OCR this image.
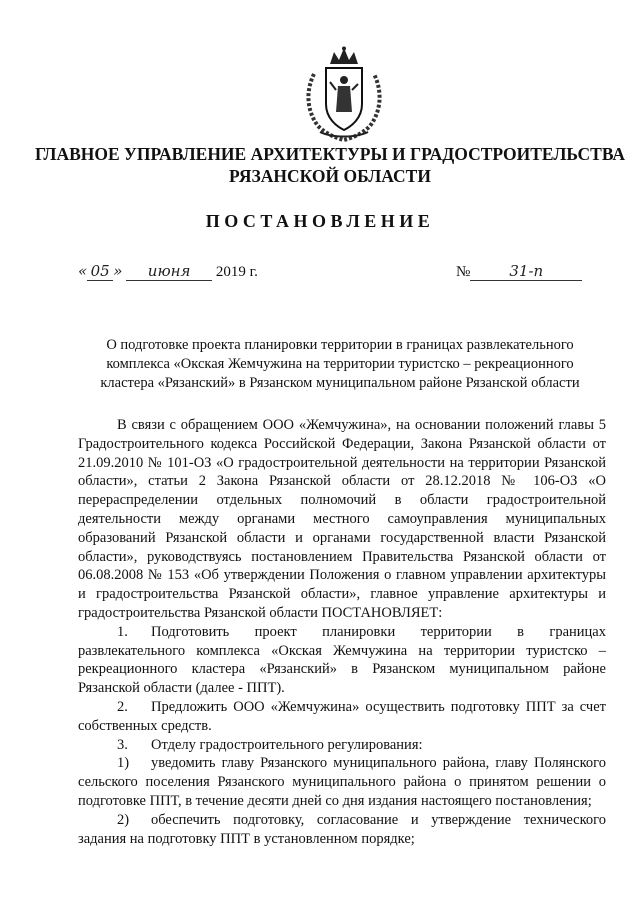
ГЛАВНОЕ УПРАВЛЕНИЕ АРХИТЕКТУРЫ И ГРАДОСТРОИТЕЛЬСТВА
РЯЗАНСКОЙ ОБЛАСТИ
ПОСТАНОВЛЕНИЕ
« 05 » июня 2019 г.	№	31-п
О подготовке проекта планировки территории в границах развлекательного
комплекса «Окская Жемчужина на территории туристско – рекреационного
кластера «Рязанский» в Рязанском муниципальном районе Рязанской области

В связи с обращением ООО «Жемчужина», на основании положений главы 5 Градостроительного кодекса Российской Федерации, Закона Рязанской области от 21.09.2010 № 101-ОЗ «О градостроительной деятельности на территории Рязанской области», статьи 2 Закона Рязанской области от 28.12.2018 № 106-ОЗ «О перераспределении отдельных полномочий в области градостроительной деятельности между органами местного самоуправления муниципальных образований Рязанской области и органами государственной власти Рязанской области», руководствуясь постановлением Правительства Рязанской области от 06.08.2008 № 153 «Об утверждении Положения о главном управлении архитектуры и градостроительства Рязанской области», главное управление архитектуры и градостроительства Рязанской области ПОСТАНОВЛЯЕТ:

1. Подготовить проект планировки территории в границах развлекательного комплекса «Окская Жемчужина на территории туристско – рекреационного кластера «Рязанский» в Рязанском муниципальном районе Рязанской области (далее - ППТ).

2. Предложить ООО «Жемчужина» осуществить подготовку ППТ за счет собственных средств.

3. Отделу градостроительного регулирования:

1) уведомить главу Рязанского муниципального района, главу Полянского сельского поселения Рязанского муниципального района о принятом решении о подготовке ППТ, в течение десяти дней со дня издания настоящего постановления;

2) обеспечить подготовку, согласование и утверждение технического задания на подготовку ППТ в установленном порядке;
